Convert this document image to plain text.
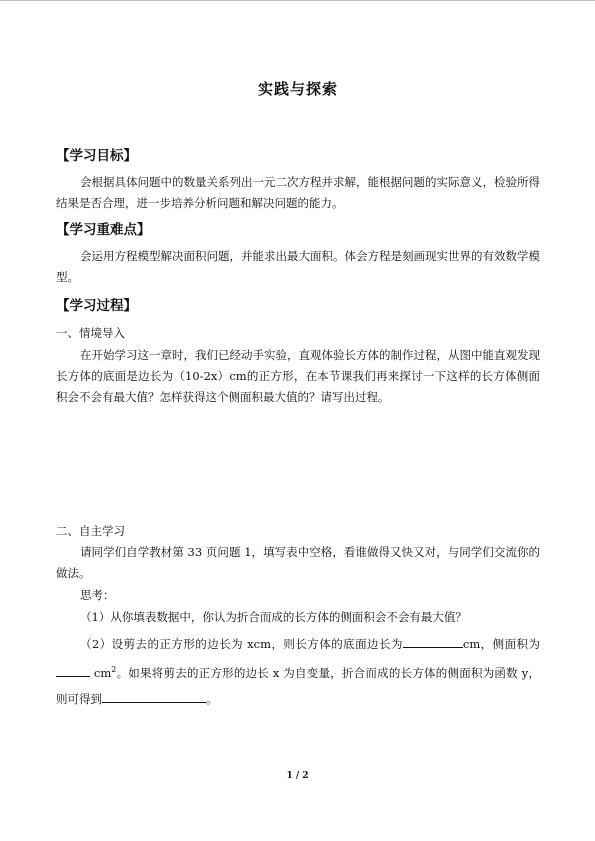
实践与探索
【学习目标】
会根据具体问题中的数量关系列出一元二次方程并求解，能根据问题的实际意义，检验所得结果是否合理，进一步培养分析问题和解决问题的能力。
【学习重难点】
会运用方程模型解决面积问题，并能求出最大面积。体会方程是刻画现实世界的有效数学模型。
【学习过程】
一、情境导入
在开始学习这一章时，我们已经动手实验，直观体验长方体的制作过程，从图中能直观发现长方体的底面是边长为（10-2x）cm的正方形，在本节课我们再来探讨一下这样的长方体侧面积会不会有最大值？怎样获得这个侧面积最大值的？请写出过程。
二、自主学习
请同学们自学教材第 33 页问题 1，填写表中空格，看谁做得又快又对，与同学们交流你的做法。
思考：
（1）从你填表数据中，你认为折合而成的长方体的侧面积会不会有最大值？
（2）设剪去的正方形的边长为 xcm，则长方体的底面边长为	cm，侧面积为 $cm^2$。如果将剪去的正方形的边长 x 为自变量，折合而成的长方体的侧面积为函数 y，则可得到	。
1 / 2
